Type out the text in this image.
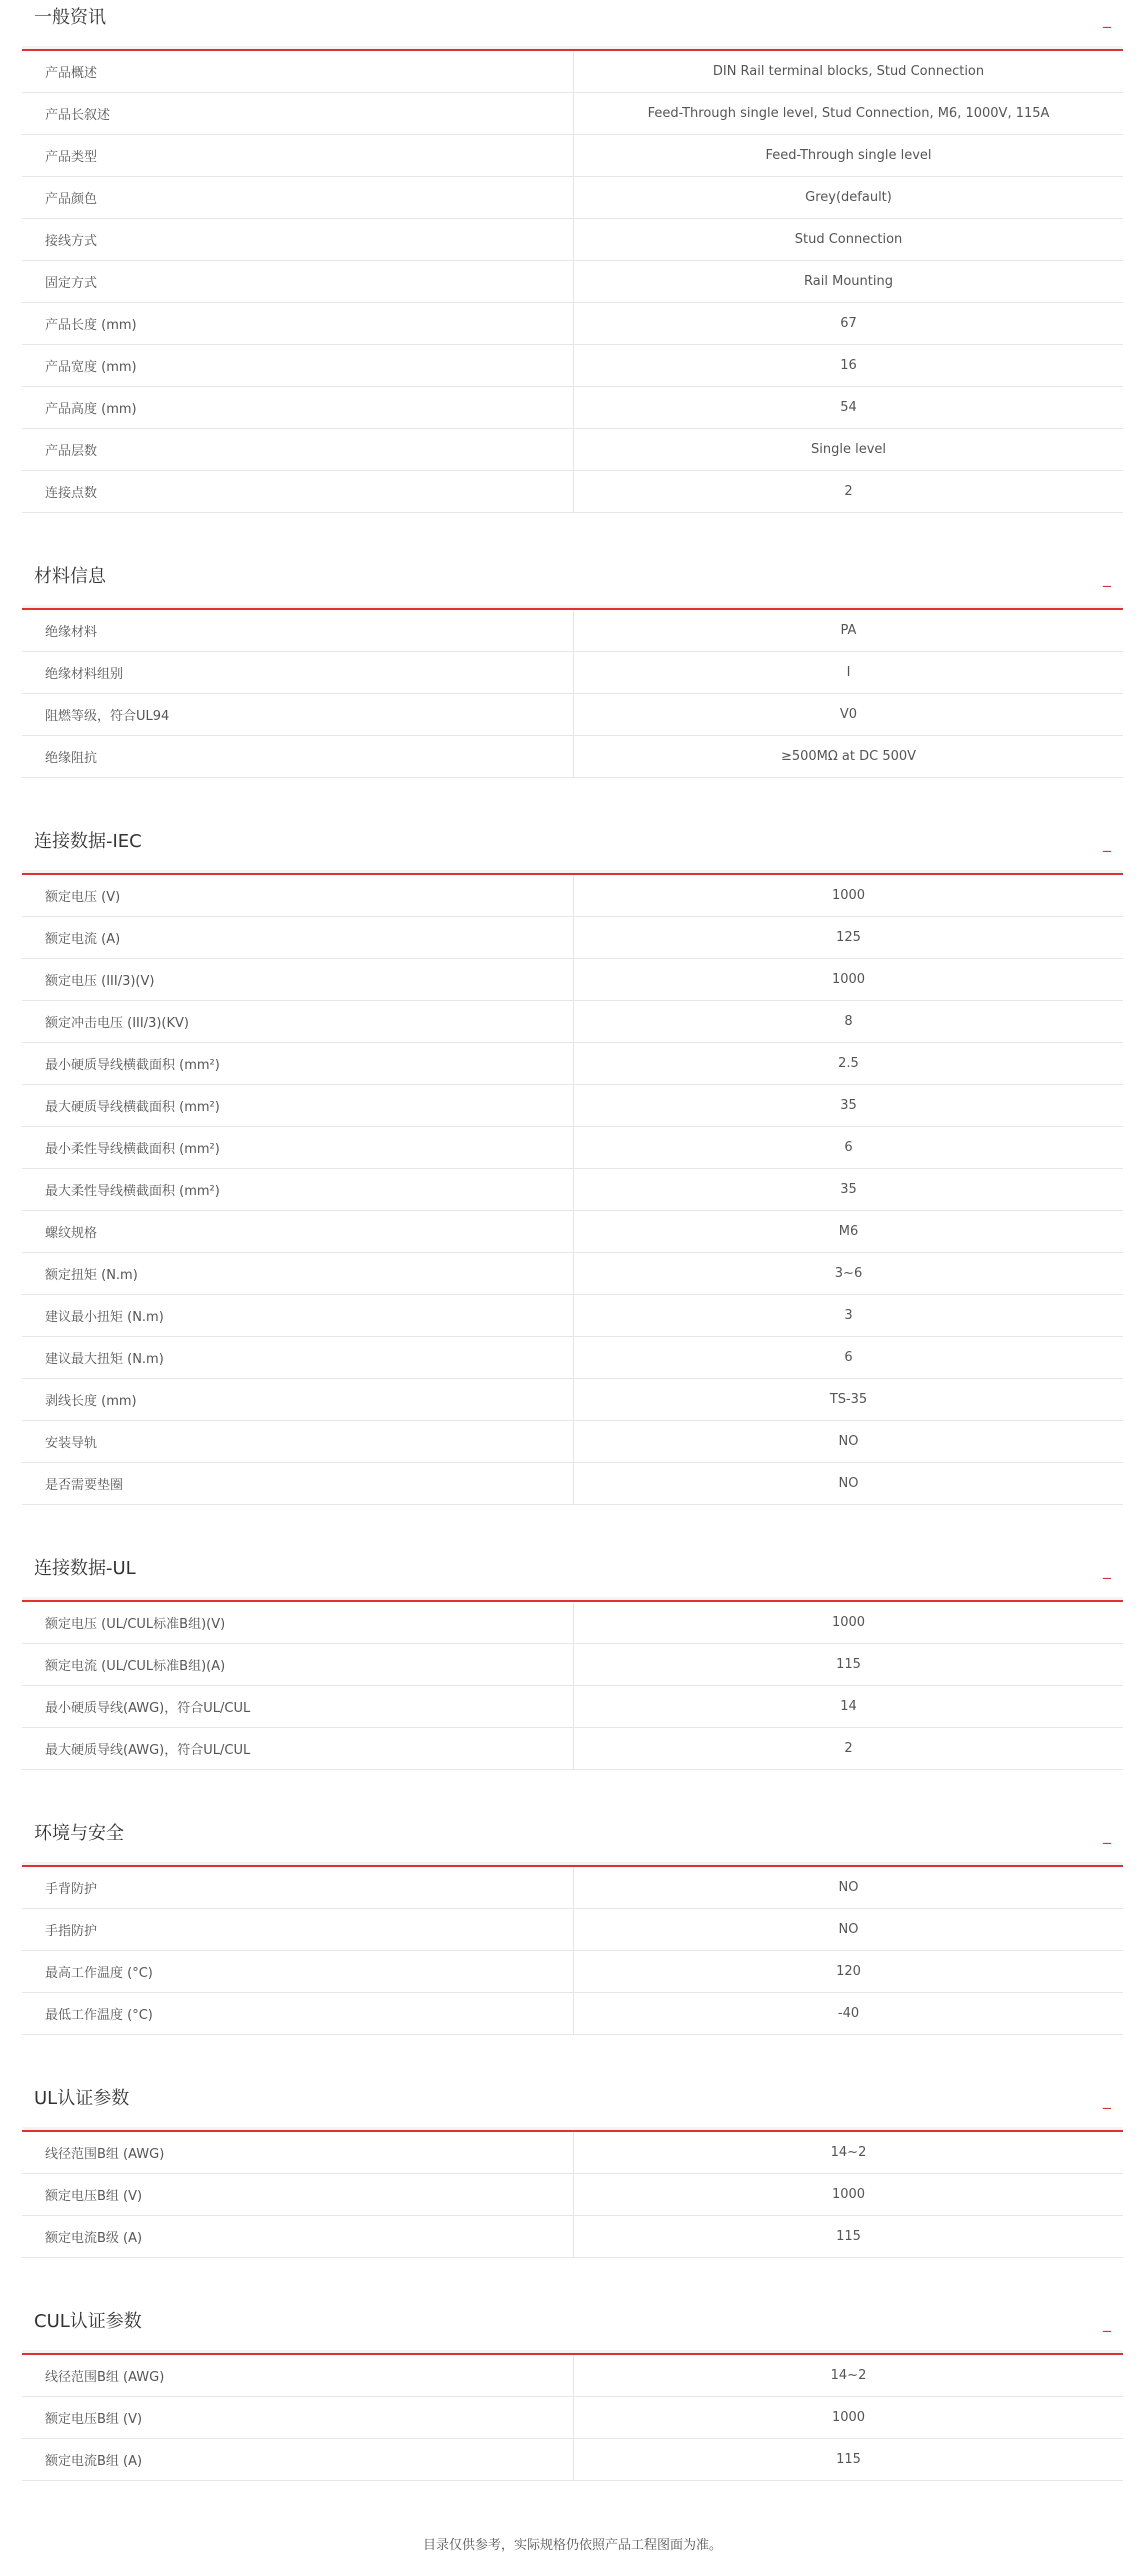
一般资讯	_
产品概述	DIN Rail terminal blocks, Stud Connection
产品长叙述	Feed-Through single level, Stud Connection, M6, 1000V, 115A
产品类型	Feed-Through single level
产品颜色	Grey(default)
接线方式	Stud Connection
固定方式	Rail Mounting
产品长度 (mm)	67
产品宽度 (mm)	16
产品高度 (mm)	54
产品层数	Single level
连接点数	2
材料信息	_
绝缘材料	PA
绝缘材料组别	I
阻燃等级，符合UL94	V0
绝缘阻抗	≥500MΩ at DC 500V
连接数据-IEC	_
额定电压 (V)	1000
额定电流 (A)	125
额定电压 (III/3)(V)	1000
额定冲击电压 (III/3)(KV)	8
最小硬质导线横截面积 (mm²)	2.5
最大硬质导线横截面积 (mm²)	35
最小柔性导线横截面积 (mm²)	6
最大柔性导线横截面积 (mm²)	35
螺纹规格	M6
额定扭矩 (N.m)	3~6
建议最小扭矩 (N.m)	3
建议最大扭矩 (N.m)	6
剥线长度 (mm)	TS-35
安装导轨	NO
是否需要垫圈	NO
连接数据-UL	_
额定电压 (UL/CUL标准B组)(V)	1000
额定电流 (UL/CUL标准B组)(A)	115
最小硬质导线(AWG)，符合UL/CUL	14
最大硬质导线(AWG)，符合UL/CUL	2
环境与安全	_
手背防护	NO
手指防护	NO
最高工作温度 (°C)	120
最低工作温度 (°C)	-40
UL认证参数	_
线径范围B组 (AWG)	14~2
额定电压B组 (V)	1000
额定电流B级 (A)	115
CUL认证参数	_
线径范围B组 (AWG)	14~2
额定电压B组 (V)	1000
额定电流B组 (A)	115
目录仅供参考，实际规格仍依照产品工程图面为准。
